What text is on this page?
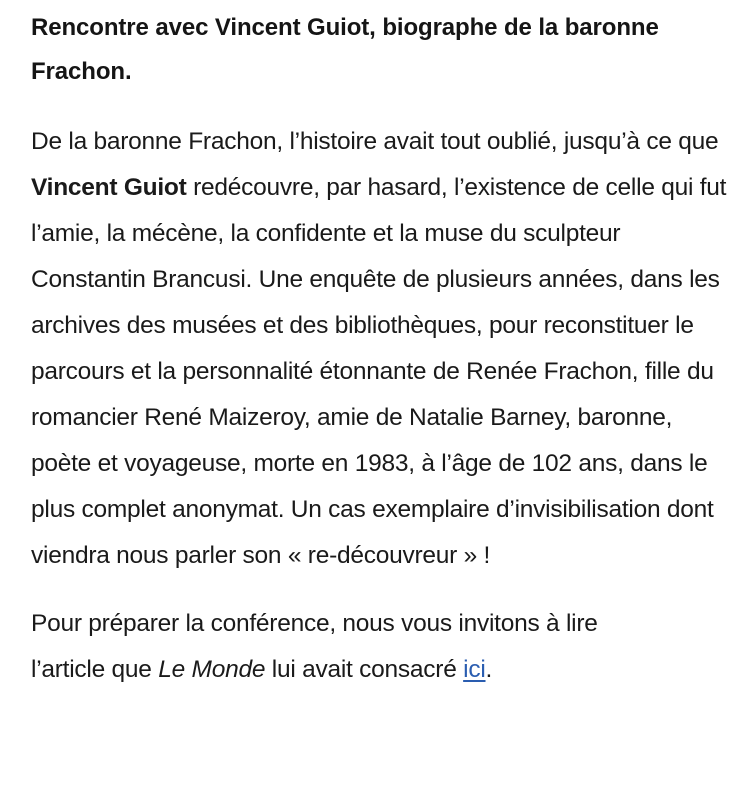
Rencontre avec Vincent Guiot, biographe de la baronne Frachon.

De la baronne Frachon, l’histoire avait tout oublié, jusqu’à ce que Vincent Guiot redécouvre, par hasard, l’existence de celle qui fut l’amie, la mécène, la confidente et la muse du sculpteur Constantin Brancusi. Une enquête de plusieurs années, dans les archives des musées et des bibliothèques, pour reconstituer le parcours et la personnalité étonnante de Renée Frachon, fille du romancier René Maizeroy, amie de Natalie Barney, baronne, poète et voyageuse, morte en 1983, à l’âge de 102 ans, dans le plus complet anonymat. Un cas exemplaire d’invisibilisation dont viendra nous parler son « re-découvreur » !

Pour préparer la conférence, nous vous invitons à lire
l’article que Le Monde lui avait consacré ici.
